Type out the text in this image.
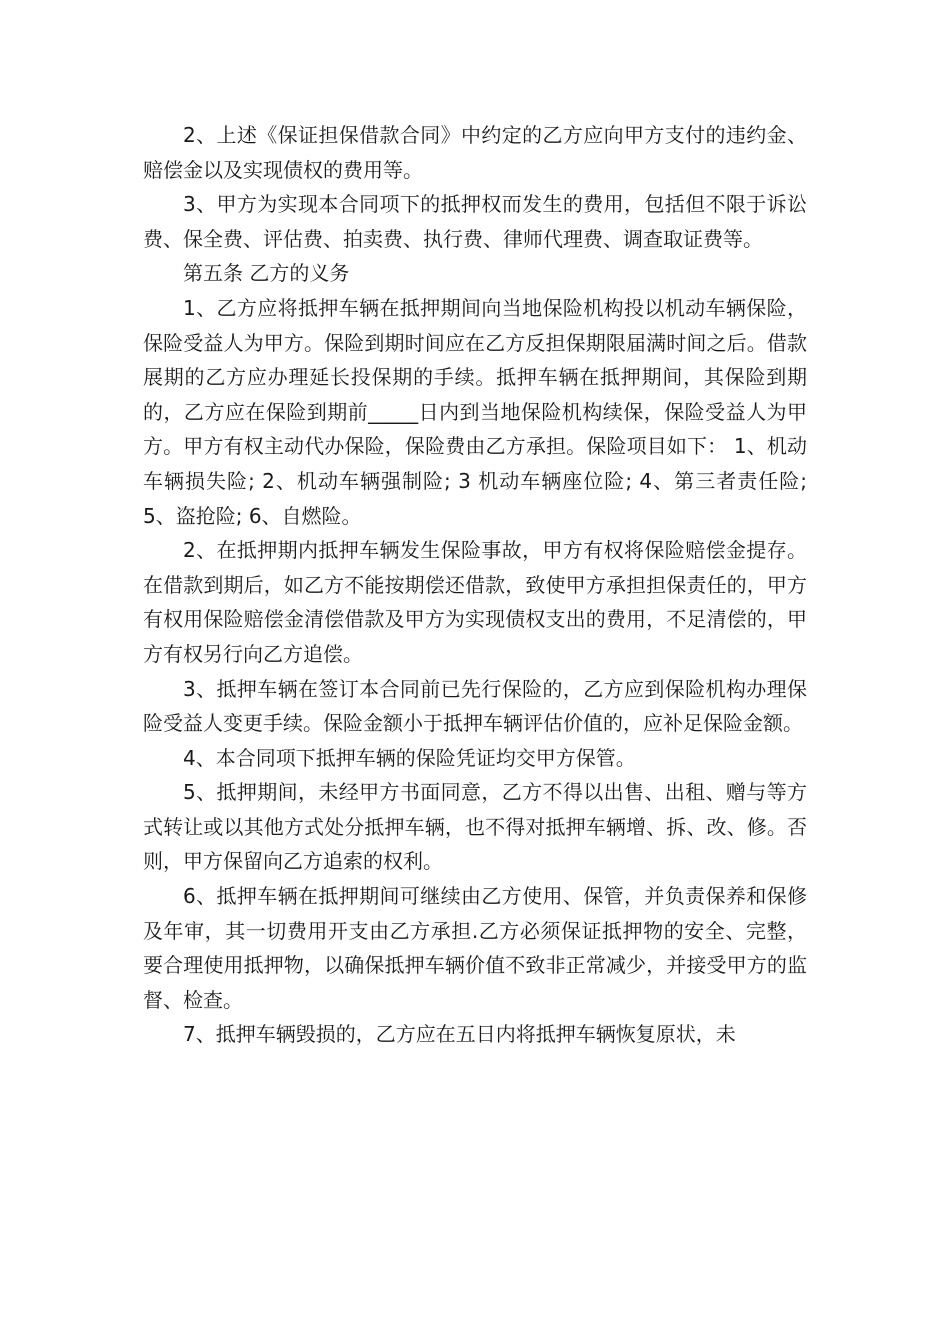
2、上述《保证担保借款合同》中约定的乙方应向甲方支付的违约金、赔偿金以及实现债权的费用等。

3、甲方为实现本合同项下的抵押权而发生的费用，包括但不限于诉讼费、保全费、评估费、拍卖费、执行费、律师代理费、调查取证费等。

第五条 乙方的义务

1、乙方应将抵押车辆在抵押期间向当地保险机构投以机动车辆保险，保险受益人为甲方。保险到期时间应在乙方反担保期限届满时间之后。借款展期的乙方应办理延长投保期的手续。抵押车辆在抵押期间，其保险到期的，乙方应在保险到期前_____日内到当地保险机构续保，保险受益人为甲方。甲方有权主动代办保险，保险费由乙方承担。保险项目如下： 1、机动车辆损失险; 2、机动车辆强制险; 3 机动车辆座位险; 4、第三者责任险; 5、盗抢险; 6、自燃险。

2、在抵押期内抵押车辆发生保险事故，甲方有权将保险赔偿金提存。在借款到期后，如乙方不能按期偿还借款，致使甲方承担担保责任的，甲方有权用保险赔偿金清偿借款及甲方为实现债权支出的费用，不足清偿的，甲方有权另行向乙方追偿。

3、抵押车辆在签订本合同前已先行保险的，乙方应到保险机构办理保险受益人变更手续。保险金额小于抵押车辆评估价值的，应补足保险金额。

4、本合同项下抵押车辆的保险凭证均交甲方保管。

5、抵押期间，未经甲方书面同意，乙方不得以出售、出租、赠与等方式转让或以其他方式处分抵押车辆，也不得对抵押车辆增、拆、改、修。否则，甲方保留向乙方追索的权利。

6、抵押车辆在抵押期间可继续由乙方使用、保管，并负责保养和保修及年审，其一切费用开支由乙方承担.乙方必须保证抵押物的安全、完整，要合理使用抵押物，以确保抵押车辆价值不致非正常减少，并接受甲方的监督、检查。

7、抵押车辆毁损的，乙方应在五日内将抵押车辆恢复原状，未
